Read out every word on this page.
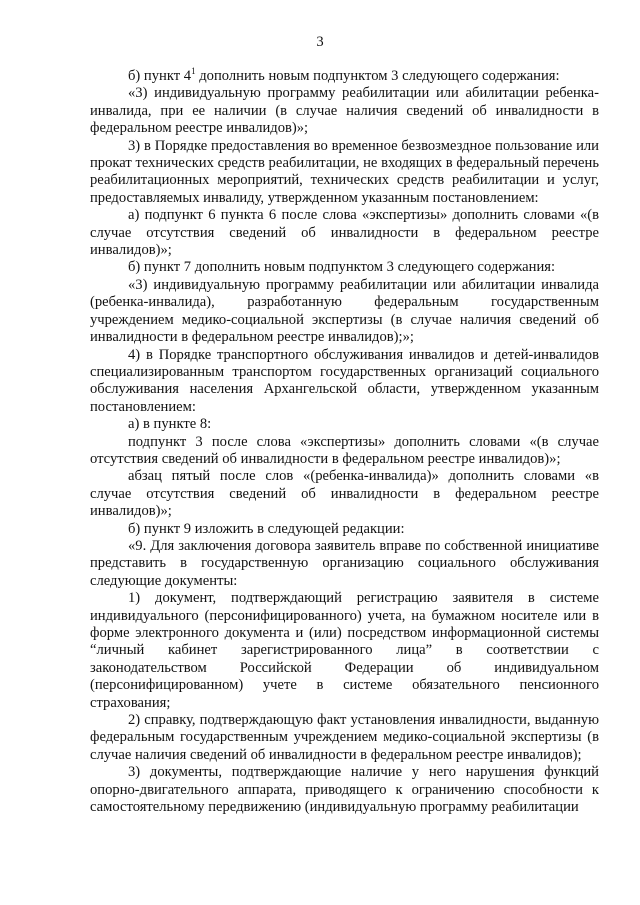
3

б) пункт $4^1$ дополнить новым подпунктом 3 следующего содержания:

«3) индивидуальную программу реабилитации или абилитации ребенка-инвалида, при ее наличии (в случае наличия сведений об инвалидности в федеральном реестре инвалидов)»;

3) в Порядке предоставления во временное безвозмездное пользование или прокат технических средств реабилитации, не входящих в федеральный перечень реабилитационных мероприятий, технических средств реабилитации и услуг, предоставляемых инвалиду, утвержденном указанным постановлением:

а) подпункт 6 пункта 6 после слова «экспертизы» дополнить словами «(в случае отсутствия сведений об инвалидности в федеральном реестре инвалидов)»;

б) пункт 7 дополнить новым подпунктом 3 следующего содержания:

«3) индивидуальную программу реабилитации или абилитации инвалида (ребенка-инвалида), разработанную федеральным государственным учреждением медико-социальной экспертизы (в случае наличия сведений об инвалидности в федеральном реестре инвалидов);»;

4) в Порядке транспортного обслуживания инвалидов и детей-инвалидов специализированным транспортом государственных организаций социального обслуживания населения Архангельской области, утвержденном указанным постановлением:

а) в пункте 8:

подпункт 3 после слова «экспертизы» дополнить словами «(в случае отсутствия сведений об инвалидности в федеральном реестре инвалидов)»;

абзац пятый после слов «(ребенка-инвалида)» дополнить словами «в случае отсутствия сведений об инвалидности в федеральном реестре инвалидов)»;

б) пункт 9 изложить в следующей редакции:

«9. Для заключения договора заявитель вправе по собственной инициативе представить в государственную организацию социального обслуживания следующие документы:

1) документ, подтверждающий регистрацию заявителя в системе индивидуального (персонифицированного) учета, на бумажном носителе или в форме электронного документа и (или) посредством информационной системы “личный кабинет зарегистрированного лица” в соответствии с законодательством Российской Федерации об индивидуальном (персонифицированном) учете в системе обязательного пенсионного страхования;

2) справку, подтверждающую факт установления инвалидности, выданную федеральным государственным учреждением медико-социальной экспертизы (в случае наличия сведений об инвалидности в федеральном реестре инвалидов);

3) документы, подтверждающие наличие у него нарушения функций опорно-двигательного аппарата, приводящего к ограничению способности к самостоятельному передвижению (индивидуальную программу реабилитации
